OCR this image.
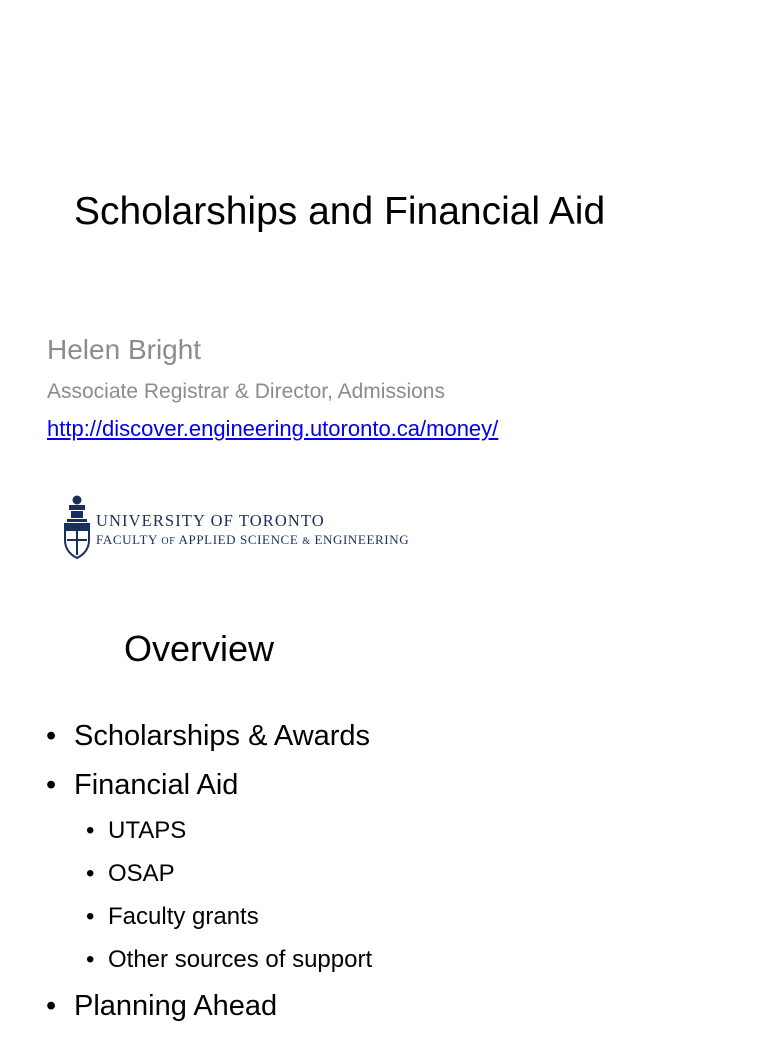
Scholarships and Financial Aid
Helen Bright
Associate Registrar & Director, Admissions
http://discover.engineering.utoronto.ca/money/
UNIVERSITY OF TORONTO
FACULTY OF APPLIED SCIENCE & ENGINEERING
Overview
• Scholarships & Awards
• Financial Aid
• UTAPS
• OSAP
• Faculty grants
• Other sources of support
• Planning Ahead
